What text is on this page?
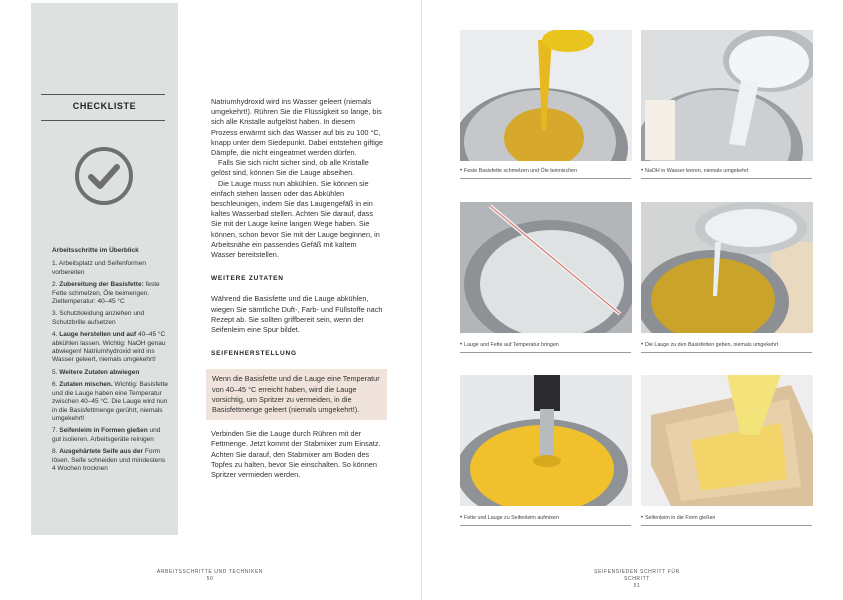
CHECKLISTE
Arbeitsschritte im Überblick
1. Arbeitsplatz und Seifenformen vorbereiten
2. Zubereitung der Basisfette: feste Fette schmelzen, Öle beimengen. Zieltemperatur: 40–45 °C
3. Schutzkleidung anziehen und Schutzbrille aufsetzen
4. Lauge herstellen und auf 40–45 °C abkühlen lassen. Wichtig: NaOH genau abwiegen! Natriumhydroxid wird ins Wasser geleert, niemals umgekehrt!
5. Weitere Zutaten abwiegen
6. Zutaten mischen. Wichtig: Basisfette und die Lauge haben eine Temperatur zwischen 40–45 °C. Die Lauge wird nun in die Basisfettmenge gerührt, niemals umgekehrt!
7. Seifenleim in Formen gießen und gut isolieren. Arbeitsgeräte reinigen
8. Ausgehärtete Seife aus der Form lösen. Seife schneiden und mindestens 4 Wochen trocknen

Natriumhydroxid wird ins Wasser geleert (niemals umgekehrt!). Rühren Sie die Flüssigkeit so lange, bis sich alle Kristalle aufgelöst haben. In diesem Prozess erwärmt sich das Wasser auf bis zu 100 °C, knapp unter dem Siedepunkt. Dabei entstehen giftige Dämpfe, die nicht eingeatmet werden dürfen.

Falls Sie sich nicht sicher sind, ob alle Kristalle gelöst sind, können Sie die Lauge abseihen.

Die Lauge muss nun abkühlen. Sie können sie einfach stehen lassen oder das Abkühlen beschleunigen, indem Sie das Laugengefäß in ein kaltes Wasserbad stellen. Achten Sie darauf, dass Sie mit der Lauge keine langen Wege haben. Sie können, schon bevor Sie mit der Lauge beginnen, in Arbeitsnähe ein passendes Gefäß mit kaltem Wasser bereitstellen.

WEITERE ZUTATEN

Während die Basisfette und die Lauge abkühlen, wiegen Sie sämtliche Duft-, Farb- und Füllstoffe nach Rezept ab. Sie sollten griffbereit sein, wenn der Seifenleim eine Spur bildet.

SEIFENHERSTELLUNG
Wenn die Basisfette und die Lauge eine Temperatur von 40–45 °C erreicht haben, wird die Lauge vorsichtig, um Spritzer zu vermeiden, in die Basisfettmenge geleert (niemals umgekehrt!).

Verbinden Sie die Lauge durch Rühren mit der Fettmenge. Jetzt kommt der Stabmixer zum Einsatz. Achten Sie darauf, den Stabmixer am Boden des Topfes zu halten, bevor Sie einschalten. So können Spritzer vermieden werden.

ARBEITSSCHRITTE UND TECHNIKEN
50
• Feste Basisfette schmelzen und Öle beimischen	• NaOH in Wasser leeren, niemals umgekehrt
• Lauge und Fette auf Temperatur bringen	• Die Lauge zu den Basisfetten geben, niemals umgekehrt
• Fette und Lauge zu Seifenleim aufmixen	• Seifenleim in die Form gießen
SEIFENSIEDEN SCHRITT FÜR SCHRITT
51
